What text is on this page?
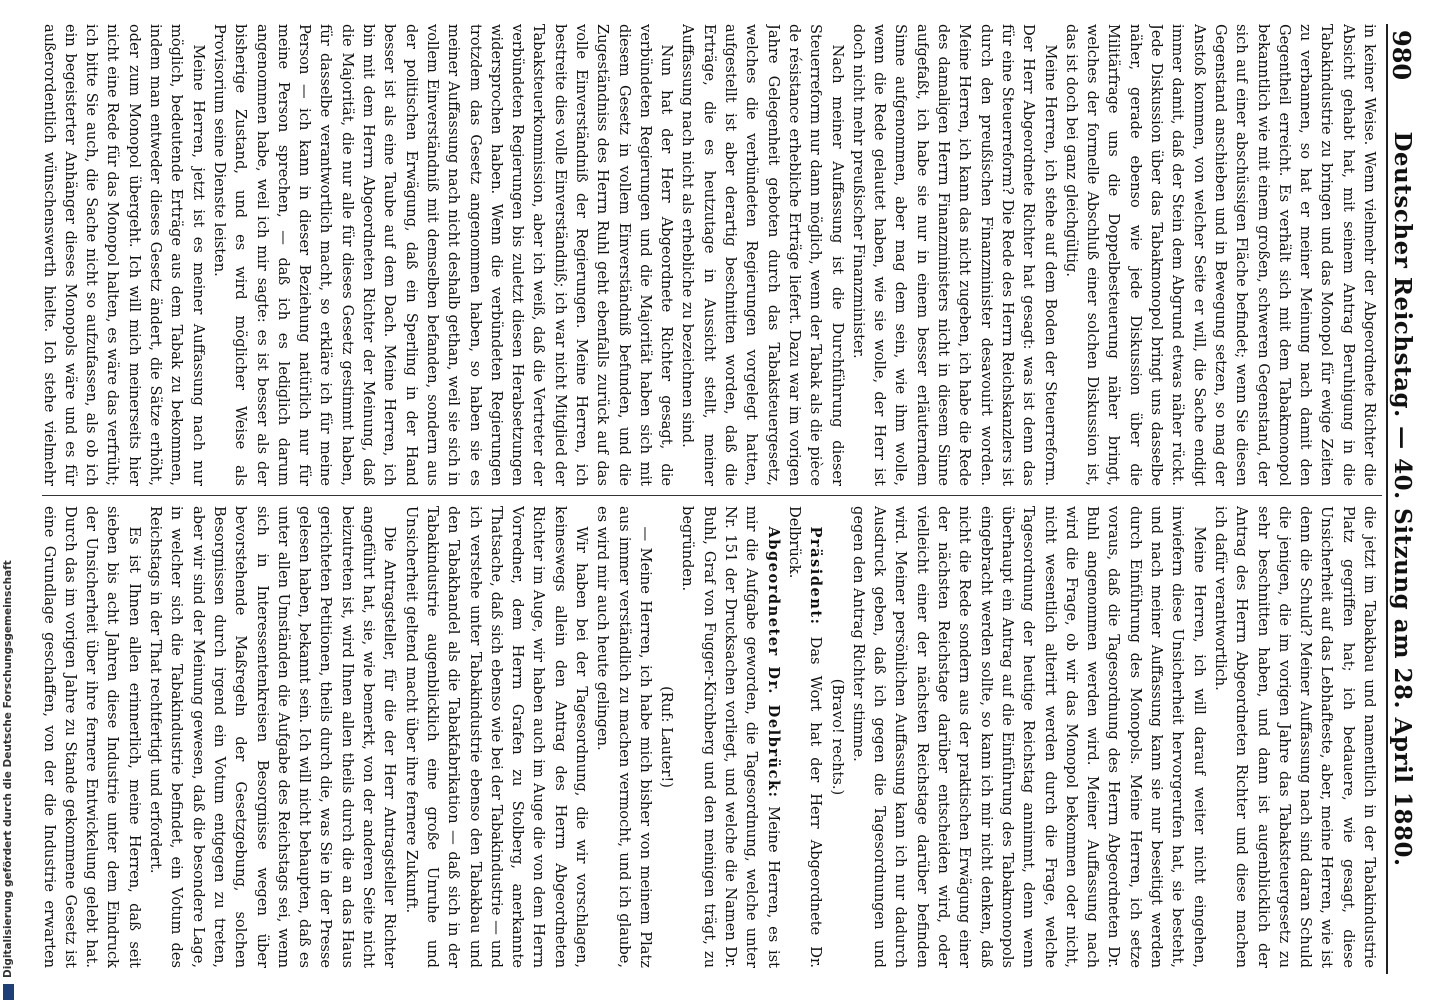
Digitalisierung gefördert durch die Deutsche Forschungsgemeinschaft
980
Deutscher Reichstag. — 40. Sitzung am 28. April 1880.

in keiner Weise. Wenn vielmehr der Abgeordnete Richter die Absicht gehabt hat, mit seinem Antrag Beruhigung in die Tabakindustrie zu bringen und das Monopol für ewige Zeiten zu verbannen, so hat er meiner Meinung nach damit den Gegentheil erreicht. Es verhält sich mit dem Tabakmonopol bekanntlich wie mit einem großen, schweren Gegenstand, der sich auf einer abschüssigen Fläche befindet; wenn Sie diesen Gegenstand anschieben und in Bewegung setzen, so mag der Anstoß kommen, von welcher Seite er will, die Sache endigt immer damit, daß der Stein dem Abgrund etwas näher rückt. Jede Diskussion über das Tabakmonopol bringt uns dasselbe näher, gerade ebenso wie jede Diskussion über die Militärfrage uns die Doppelbesteuerung näher bringt, welches der formelle Abschluß einer solchen Diskussion ist, das ist doch bei ganz gleichgültig.

Meine Herren, ich stehe auf dem Boden der Steuerreform. Der Herr Abgeordnete Richter hat gesagt: was ist denn das für eine Steuerreform? Die Rede des Herrn Reichskanzlers ist durch den preußischen Finanzminister desavouirt worden. Meine Herren, ich kann das nicht zugeben, ich habe die Rede des damaligen Herrn Finanzministers nicht in diesem Sinne aufgefaßt, ich habe sie nur in einem besser erläuterndem Sinne aufgenommen, aber mag dem sein, wie ihm wolle, wenn die Rede gelautet haben, wie sie wolle, der Herr ist doch nicht mehr preußischer Finanzminister.

Nach meiner Auffassung ist die Durchführung dieser Steuerreform nur dann möglich, wenn der Tabak als die pièce de résistance erhebliche Erträge liefert. Dazu war im vorigen Jahre Gelegenheit geboten durch das Tabaksteuergesetz, welches die verbündeten Regierungen vorgelegt hatten, aufgestellt ist aber derartig beschnitten worden, daß die Erträge, die es heutzutage in Aussicht stellt, meiner Auffassung nach nicht als erhebliche zu bezeichnen sind.

Nun hat der Herr Abgeordnete Richter gesagt, die verbündeten Regierungen und die Majorität haben sich mit diesem Gesetz in vollem Einverständniß befunden, und die Zugeständniss des Herrn Ruhl geht ebenfalls zurück auf das volle Einverständniß der Regierungen. Meine Herren, ich bestreite dies volle Einverständniß; ich war nicht Mitglied der Tabaksteuerkommission, aber ich weiß, daß die Vertreter der verbündeten Regierungen bis zuletzt diesen Herabsetzungen widersprochen haben. Wenn die verbündeten Regierungen trotzdem das Gesetz angenommen haben, so haben sie es meiner Auffassung nach nicht deshalb gethan, weil sie sich in vollem Einverständniß mit demselben befanden, sondern aus der politischen Erwägung, daß ein Sperling in der Hand besser ist als eine Taube auf dem Dach. Meine Herren, ich bin mit dem Herrn Abgeordneten Richter der Meinung, daß die Majorität, die nur alle für dieses Gesetz gestimmt haben, für dasselbe verantwortlich macht, so erkläre ich für meine Person — ich kann in dieser Beziehung natürlich nur für meine Person sprechen, — daß ich es lediglich darum angenommen habe, weil ich mir sagte: es ist besser als der bisherige Zustand, und es wird möglicher Weise als Provisorium seine Dienste leisten.

Meine Herren, jetzt ist es meiner Auffassung nach nur möglich, bedeutende Erträge aus dem Tabak zu bekommen, indem man entweder dieses Gesetz ändert, die Sätze erhöht, oder zum Monopol übergeht. Ich will mich meinerseits hier nicht eine Rede für das Monopol halten, es wäre das verfrüht; ich bitte Sie auch, die Sache nicht so aufzufassen, als ob ich ein begeisterter Anhänger dieses Monopols wäre und es für außerordentlich wünschenswerth hielte. Ich stehe vielmehr

die jetzt im Tabakbau und namentlich in der Tabakindustrie Platz gegriffen hat; ich bedauere, wie gesagt, diese Unsicherheit auf das Lebhafteste, aber, meine Herren, wie ist denn die Schuld? Meiner Auffassung nach sind daran Schuld die jenigen, die im vorigen Jahre das Tabaksteuergesetz zu sehr beschnitten haben, und dann ist augenblicklich der Antrag des Herrn Abgeordneten Richter und diese machen ich dafür verantwortlich.

Meine Herren, ich will darauf weiter nicht eingehen, inwiefern diese Unsicherheit hervorgerufen hat, sie besteht, und nach meiner Auffassung kann sie nur beseitigt werden durch Einführung des Monopols. Meine Herren, ich setze voraus, daß die Tagesordnung des Herrn Abgeordneten Dr. Buhl angenommen werden wird. Meiner Auffassung nach wird die Frage, ob wir das Monopol bekommen oder nicht, nicht wesentlich alterirt werden durch die Frage, welche Tagesordnung der heutige Reichstag annimmt, denn wenn überhaupt ein Antrag auf die Einführung des Tabakmonopols eingebracht werden sollte, so kann ich mir nicht denken, daß nicht die Rede sondern aus der praktischen Erwägung einer der nächsten Reichstage darüber entscheiden wird, oder vielleicht einer der nächsten Reichstage darüber befinden wird. Meiner persönlichen Auffassung kann ich nur dadurch Ausdruck geben, daß ich gegen die Tagesordnungen und gegen den Antrag Richter stimme.

(Bravo! rechts.)

Präsident: Das Wort hat der Herr Abgeordnete Dr. Delbrück.

Abgeordneter Dr. Delbrück: Meine Herren, es ist mir die Aufgabe geworden, die Tagesordnung, welche unter Nr. 151 der Drucksachen vorliegt, und welche die Namen Dr. Buhl, Graf von Fugger-Kirchberg und den meinigen trägt, zu begründen.

(Ruf: Lauter!)

— Meine Herren, ich habe mich bisher von meinem Platz aus immer verständlich zu machen vermocht, und ich glaube, es wird mir auch heute gelingen.

Wir haben bei der Tagesordnung, die wir vorschlagen, keineswegs allein den Antrag des Herrn Abgeordneten Richter im Auge, wir haben auch im Auge die von dem Herrn Vorredner, dem Herrn Grafen zu Stolberg, anerkannte Thatsache, daß sich ebenso wie bei der Tabakindustrie — und ich verstehe unter Tabakindustrie ebenso den Tabakbau und den Tabakhandel als die Tabakfabrikation — daß sich in der Tabakindustrie augenblicklich eine große Unruhe und Unsicherheit geltend macht über ihre fernere Zukunft.

Die Antragsteller, für die der Herr Antragsteller Richter angeführt hat, sie, wie bemerkt, von der anderen Seite nicht beizutreten ist, wird Ihnen allen theils durch die an das Haus gerichteten Petitionen, theils durch die, was Sie in der Presse gelesen haben, bekannt sein. Ich will nicht behaupten, daß es unter allen Umständen die Aufgabe des Reichstags sei, wenn sich in Interessentenkreisen Besorgnisse wegen über bevorstehende Maßregeln der Gesetzgebung, solchen Besorgnissen durch irgend ein Votum entgegen zu treten, aber wir sind der Meinung gewesen, daß die besondere Lage, in welcher sich die Tabakindustrie befindet, ein Votum des Reichstags in der That rechtfertigt und erfordert.

Es ist Ihnen allen erinnerlich, meine Herren, daß seit sieben bis acht Jahren diese Industrie unter dem Eindruck der Unsicherheit über ihre fernere Entwickelung gelebt hat. Durch das im vorigen Jahre zu Stande gekommene Gesetz ist eine Grundlage geschaffen, von der die Industrie erwarten
